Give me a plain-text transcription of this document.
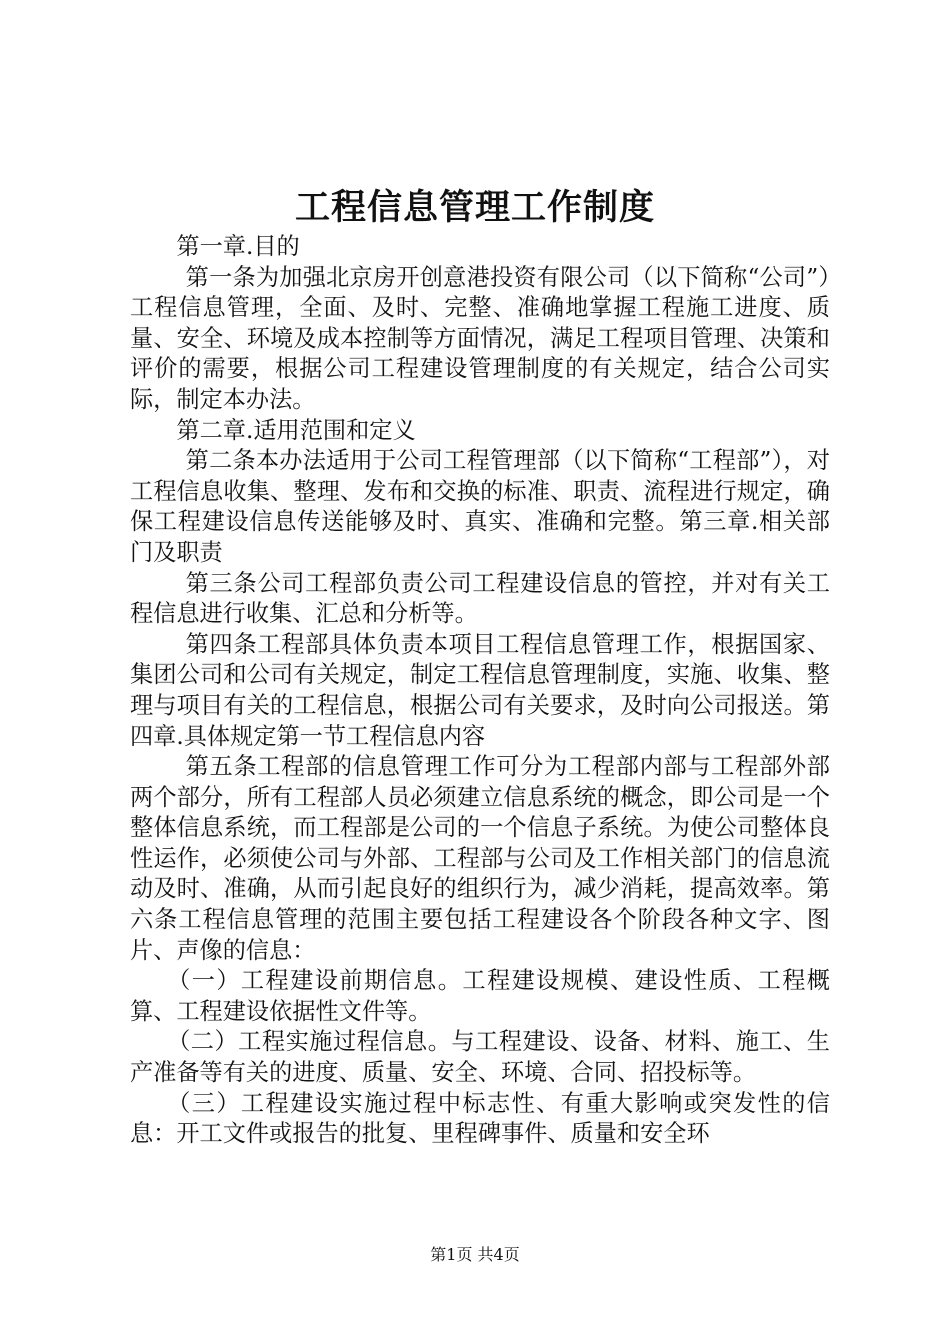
工程信息管理工作制度

第一章.目的

第一条为加强北京房开创意港投资有限公司（以下简称“公司”）工程信息管理，全面、及时、完整、准确地掌握工程施工进度、质量、安全、环境及成本控制等方面情况，满足工程项目管理、决策和评价的需要，根据公司工程建设管理制度的有关规定，结合公司实际，制定本办法。

第二章.适用范围和定义

第二条本办法适用于公司工程管理部（以下简称“工程部”），对工程信息收集、整理、发布和交换的标准、职责、流程进行规定，确保工程建设信息传送能够及时、真实、准确和完整。第三章.相关部门及职责

第三条公司工程部负责公司工程建设信息的管控，并对有关工程信息进行收集、汇总和分析等。

第四条工程部具体负责本项目工程信息管理工作，根据国家、集团公司和公司有关规定，制定工程信息管理制度，实施、收集、整理与项目有关的工程信息，根据公司有关要求，及时向公司报送。第四章.具体规定第一节工程信息内容

第五条工程部的信息管理工作可分为工程部内部与工程部外部两个部分，所有工程部人员必须建立信息系统的概念，即公司是一个整体信息系统，而工程部是公司的一个信息子系统。为使公司整体良性运作，必须使公司与外部、工程部与公司及工作相关部门的信息流动及时、准确，从而引起良好的组织行为，减少消耗，提高效率。第六条工程信息管理的范围主要包括工程建设各个阶段各种文字、图片、声像的信息：

（一）工程建设前期信息。工程建设规模、建设性质、工程概算、工程建设依据性文件等。

（二）工程实施过程信息。与工程建设、设备、材料、施工、生产准备等有关的进度、质量、安全、环境、合同、招投标等。

（三）工程建设实施过程中标志性、有重大影响或突发性的信息：开工文件或报告的批复、里程碑事件、质量和安全环

第1页 共4页
